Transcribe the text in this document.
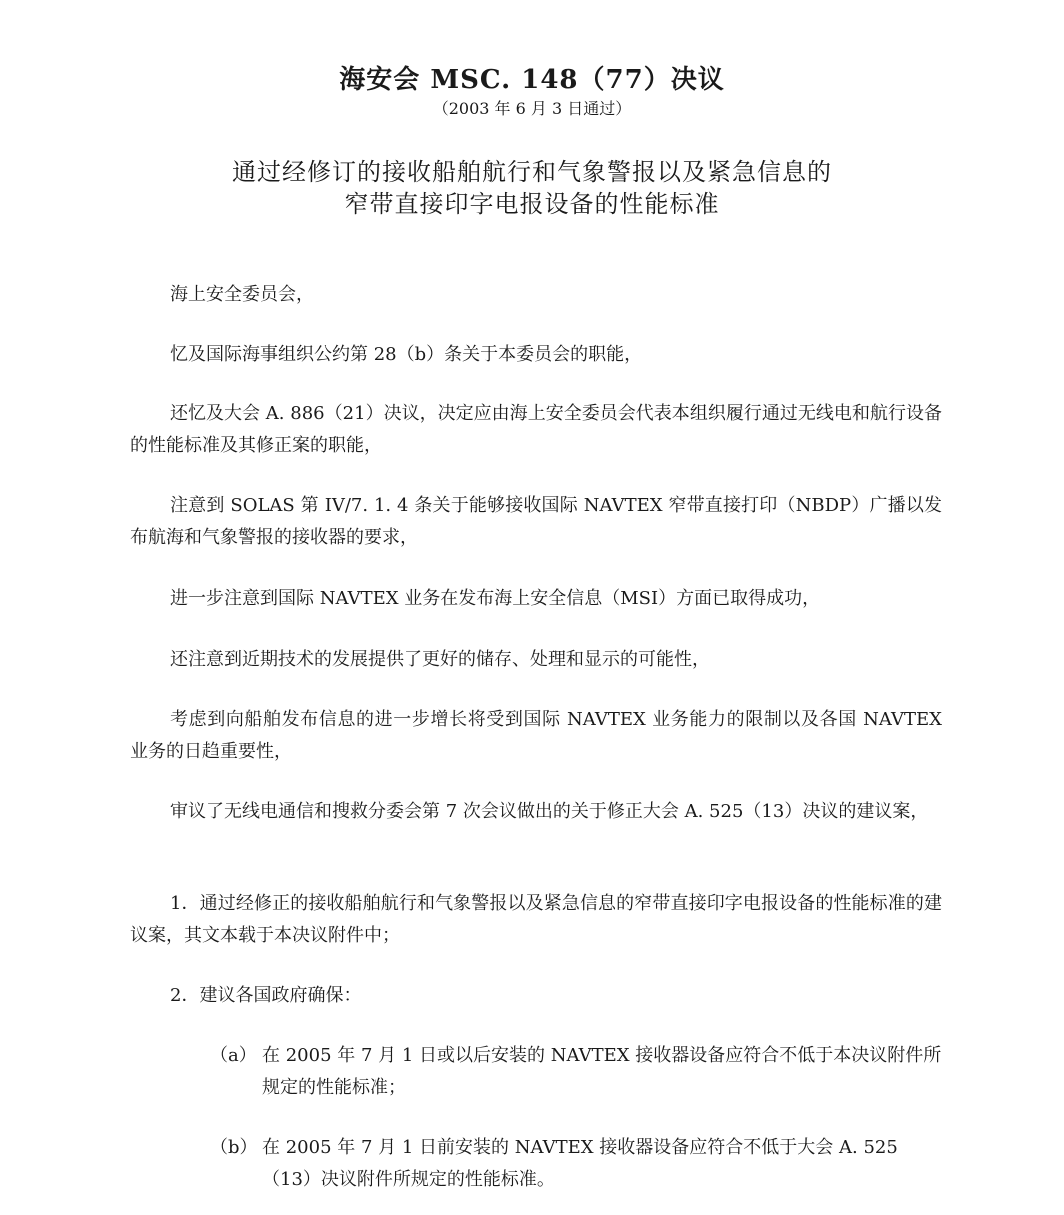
海安会 MSC. 148（77）决议
（2003 年 6 月 3 日通过）
通过经修订的接收船舶航行和气象警报以及紧急信息的
窄带直接印字电报设备的性能标准

海上安全委员会，

忆及国际海事组织公约第 28（b）条关于本委员会的职能，

还忆及大会 A. 886（21）决议，决定应由海上安全委员会代表本组织履行通过无线电和航行设备的性能标准及其修正案的职能，

注意到 SOLAS 第 IV/7. 1. 4 条关于能够接收国际 NAVTEX 窄带直接打印（NBDP）广播以发布航海和气象警报的接收器的要求，

进一步注意到国际 NAVTEX 业务在发布海上安全信息（MSI）方面已取得成功，

还注意到近期技术的发展提供了更好的储存、处理和显示的可能性，

考虑到向船舶发布信息的进一步增长将受到国际 NAVTEX 业务能力的限制以及各国 NAVTEX 业务的日趋重要性，

审议了无线电通信和搜救分委会第 7 次会议做出的关于修正大会 A. 525（13）决议的建议案，

1．通过经修正的接收船舶航行和气象警报以及紧急信息的窄带直接印字电报设备的性能标准的建议案，其文本载于本决议附件中；

2．建议各国政府确保：

（a） 在 2005 年 7 月 1 日或以后安装的 NAVTEX 接收器设备应符合不低于本决议附件所规定的性能标准；
（b） 在 2005 年 7 月 1 日前安装的 NAVTEX 接收器设备应符合不低于大会 A. 525（13）决议附件所规定的性能标准。
